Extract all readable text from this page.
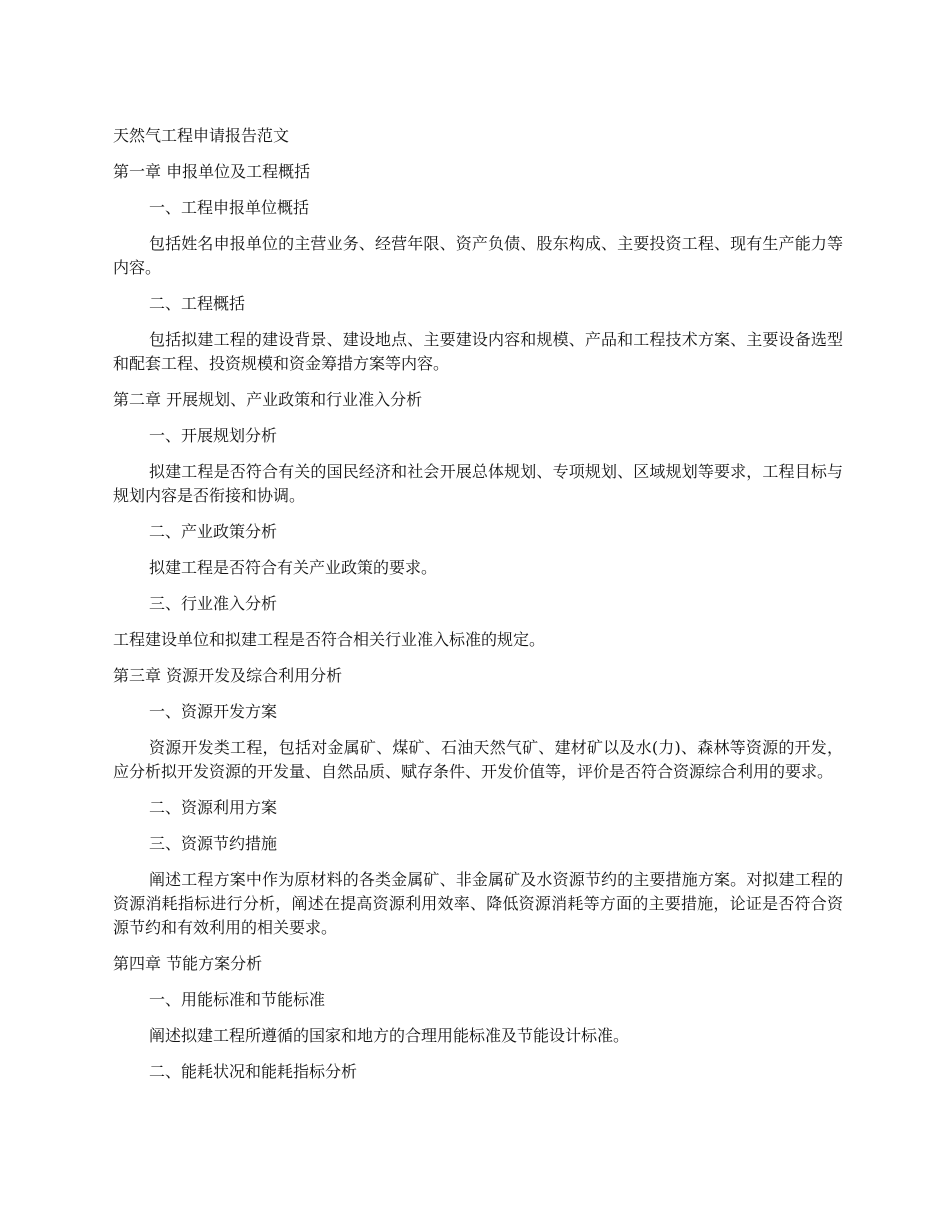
天然气工程申请报告范文
第一章 申报单位及工程概括
一、工程申报单位概括
包括姓名申报单位的主营业务、经营年限、资产负债、股东构成、主要投资工程、现有生产能力等内容。
二、工程概括
包括拟建工程的建设背景、建设地点、主要建设内容和规模、产品和工程技术方案、主要设备选型和配套工程、投资规模和资金筹措方案等内容。
第二章 开展规划、产业政策和行业准入分析
一、开展规划分析
拟建工程是否符合有关的国民经济和社会开展总体规划、专项规划、区域规划等要求，工程目标与规划内容是否衔接和协调。
二、产业政策分析
拟建工程是否符合有关产业政策的要求。
三、行业准入分析
工程建设单位和拟建工程是否符合相关行业准入标准的规定。
第三章 资源开发及综合利用分析
一、资源开发方案
资源开发类工程，包括对金属矿、煤矿、石油天然气矿、建材矿以及水(力)、森林等资源的开发，应分析拟开发资源的开发量、自然品质、赋存条件、开发价值等，评价是否符合资源综合利用的要求。
二、资源利用方案
三、资源节约措施
阐述工程方案中作为原材料的各类金属矿、非金属矿及水资源节约的主要措施方案。对拟建工程的资源消耗指标进行分析，阐述在提高资源利用效率、降低资源消耗等方面的主要措施，论证是否符合资源节约和有效利用的相关要求。
第四章 节能方案分析
一、用能标准和节能标准
阐述拟建工程所遵循的国家和地方的合理用能标准及节能设计标准。
二、能耗状况和能耗指标分析
